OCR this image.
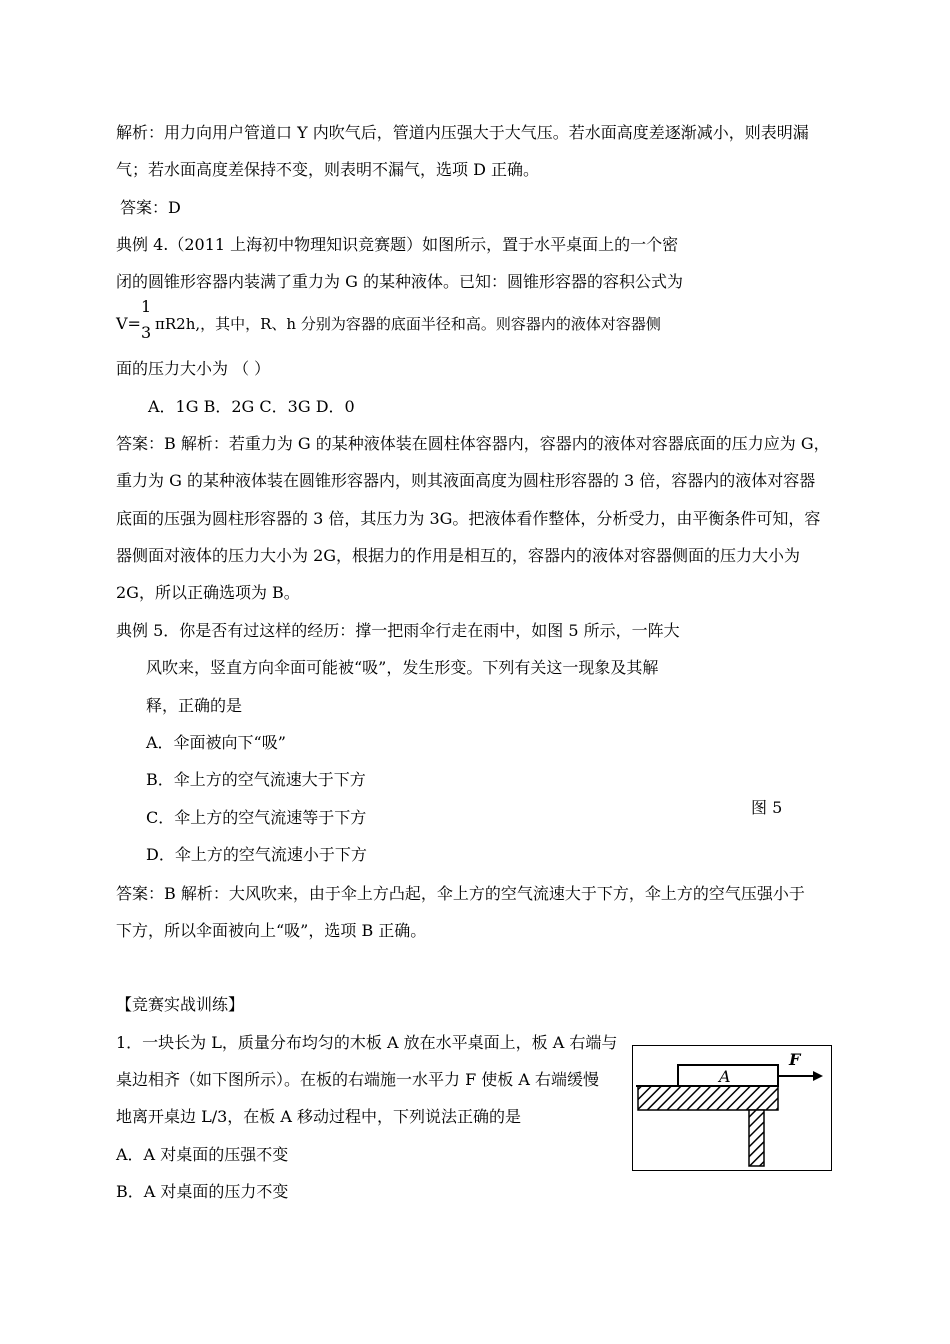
解析：用力向用户管道口 Y 内吹气后，管道内压强大于大气压。若水面高度差逐渐减小，则表明漏
气；若水面高度差保持不变，则表明不漏气，选项 D 正确。
答案：D
典例 4.（2011 上海初中物理知识竞赛题）如图所示，置于水平桌面上的一个密
闭的圆锥形容器内装满了重力为 G 的某种液体。已知：圆锥形容器的容积公式为
V=
1
3 πR2h,，其中，R、h 分别为容器的底面半径和高。则容器内的液体对容器侧
面的压力大小为 （ ）
A．1G B．2G C．3G D．0
答案：B 解析：若重力为 G 的某种液体装在圆柱体容器内，容器内的液体对容器底面的压力应为 G，
重力为 G 的某种液体装在圆锥形容器内，则其液面高度为圆柱形容器的 3 倍，容器内的液体对容器
底面的压强为圆柱形容器的 3 倍，其压力为 3G。把液体看作整体，分析受力，由平衡条件可知，容
器侧面对液体的压力大小为 2G，根据力的作用是相互的，容器内的液体对容器侧面的压力大小为
2G，所以正确选项为 B。
典例 5．你是否有过这样的经历：撑一把雨伞行走在雨中，如图 5 所示，一阵大
风吹来，竖直方向伞面可能被“吸”，发生形变。下列有关这一现象及其解
释，正确的是
A．伞面被向下“吸”
B．伞上方的空气流速大于下方
C．伞上方的空气流速等于下方
D．伞上方的空气流速小于下方
图 5
答案：B 解析：大风吹来，由于伞上方凸起，伞上方的空气流速大于下方，伞上方的空气压强小于
下方，所以伞面被向上“吸”，选项 B 正确。
【竞赛实战训练】
1．一块长为 L，质量分布均匀的木板 A 放在水平桌面上，板 A 右端与
桌边相齐（如下图所示）。在板的右端施一水平力 F 使板 A 右端缓慢
地离开桌边 L/3，在板 A 移动过程中，下列说法正确的是
A．A 对桌面的压强不变
B．A 对桌面的压力不变
A
F
